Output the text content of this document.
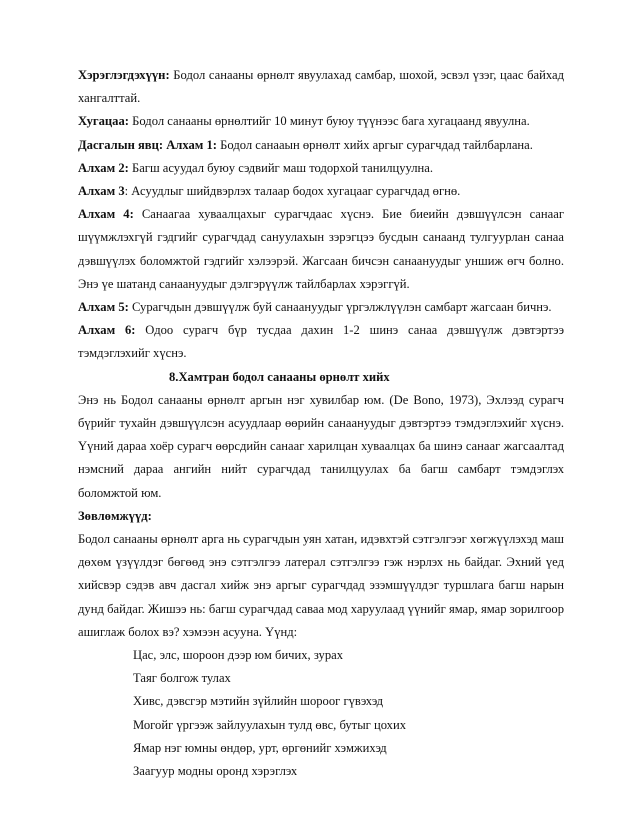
Хэрэглэгдэхүүн: Бодол санааны өрнөлт явуулахад самбар, шохой, эсвэл үзэг, цаас байхад хангалттай.

Хугацаа: Бодол санааны өрнөлтийг 10 минут буюу түүнээс бага хугацаанд явуулна.

Дасгалын явц: Алхам 1: Бодол санааын өрнөлт хийх аргыг сурагчдад тайлбарлана.

Алхам 2: Багш асуудал буюу сэдвийг маш тодорхой танилцуулна.

Алхам 3: Асуудлыг шийдвэрлэх талаар бодох хугацааг сурагчдад өгнө.

Алхам 4: Санаагаа хуваалцахыг сурагчдаас хүснэ. Бие биеийн дэвшүүлсэн санааг шүүмжлэхгүй гэдгийг сурагчдад сануулахын зэрэгцээ бусдын санаанд тулгуурлан санаа дэвшүүлэх боломжтой гэдгийг хэлээрэй. Жагсаан бичсэн санаануудыг уншиж өгч болно. Энэ үе шатанд санаануудыг дэлгэрүүлж тайлбарлах хэрэггүй.

Алхам 5: Сурагчдын дэвшүүлж буй санаануудыг үргэлжлүүлэн самбарт жагсаан бичнэ.

Алхам 6: Одоо сурагч бүр тусдаа дахин 1-2 шинэ санаа дэвшүүлж дэвтэртээ тэмдэглэхийг хүснэ.

8.Хамтран бодол санааны өрнөлт хийх

Энэ нь Бодол санааны өрнөлт аргын нэг хувилбар юм. (De Bono, 1973), Эхлээд сурагч бүрийг тухайн дэвшүүлсэн асуудлаар өөрийн санаануудыг дэвтэртээ тэмдэглэхийг хүснэ. Үүний дараа хоёр сурагч өөрсдийн санааг харилцан хуваалцах ба шинэ санааг жагсаалтад нэмсний дараа ангийн нийт сурагчдад танилцуулах ба багш самбарт тэмдэглэх боломжтой юм.

Зөвлөмжүүд:

Бодол санааны өрнөлт арга нь сурагчдын уян хатан, идэвхтэй сэтгэлгээг хөгжүүлэхэд маш дөхөм үзүүлдэг бөгөөд энэ сэтгэлгээ латерал сэтгэлгээ гэж нэрлэх нь байдаг. Эхний үед хийсвэр сэдэв авч дасгал хийж энэ аргыг сурагчдад эзэмшүүлдэг туршлага багш нарын дунд байдаг. Жишээ нь: багш сурагчдад саваа мод харуулаад үүнийг ямар, ямар зорилгоор ашиглаж болох вэ? хэмээн асууна. Үүнд:

Цас, элс, шороон дээр юм бичих, зурах
Таяг болгож тулах
Хивс, дэвсгэр мэтийн зүйлийн шороог гүвэхэд
Могойг үргээж зайлуулахын тулд өвс, бутыг цохих
Ямар нэг юмны өндөр, урт, өргөнийг хэмжихэд
Заагуур модны оронд хэрэглэх
